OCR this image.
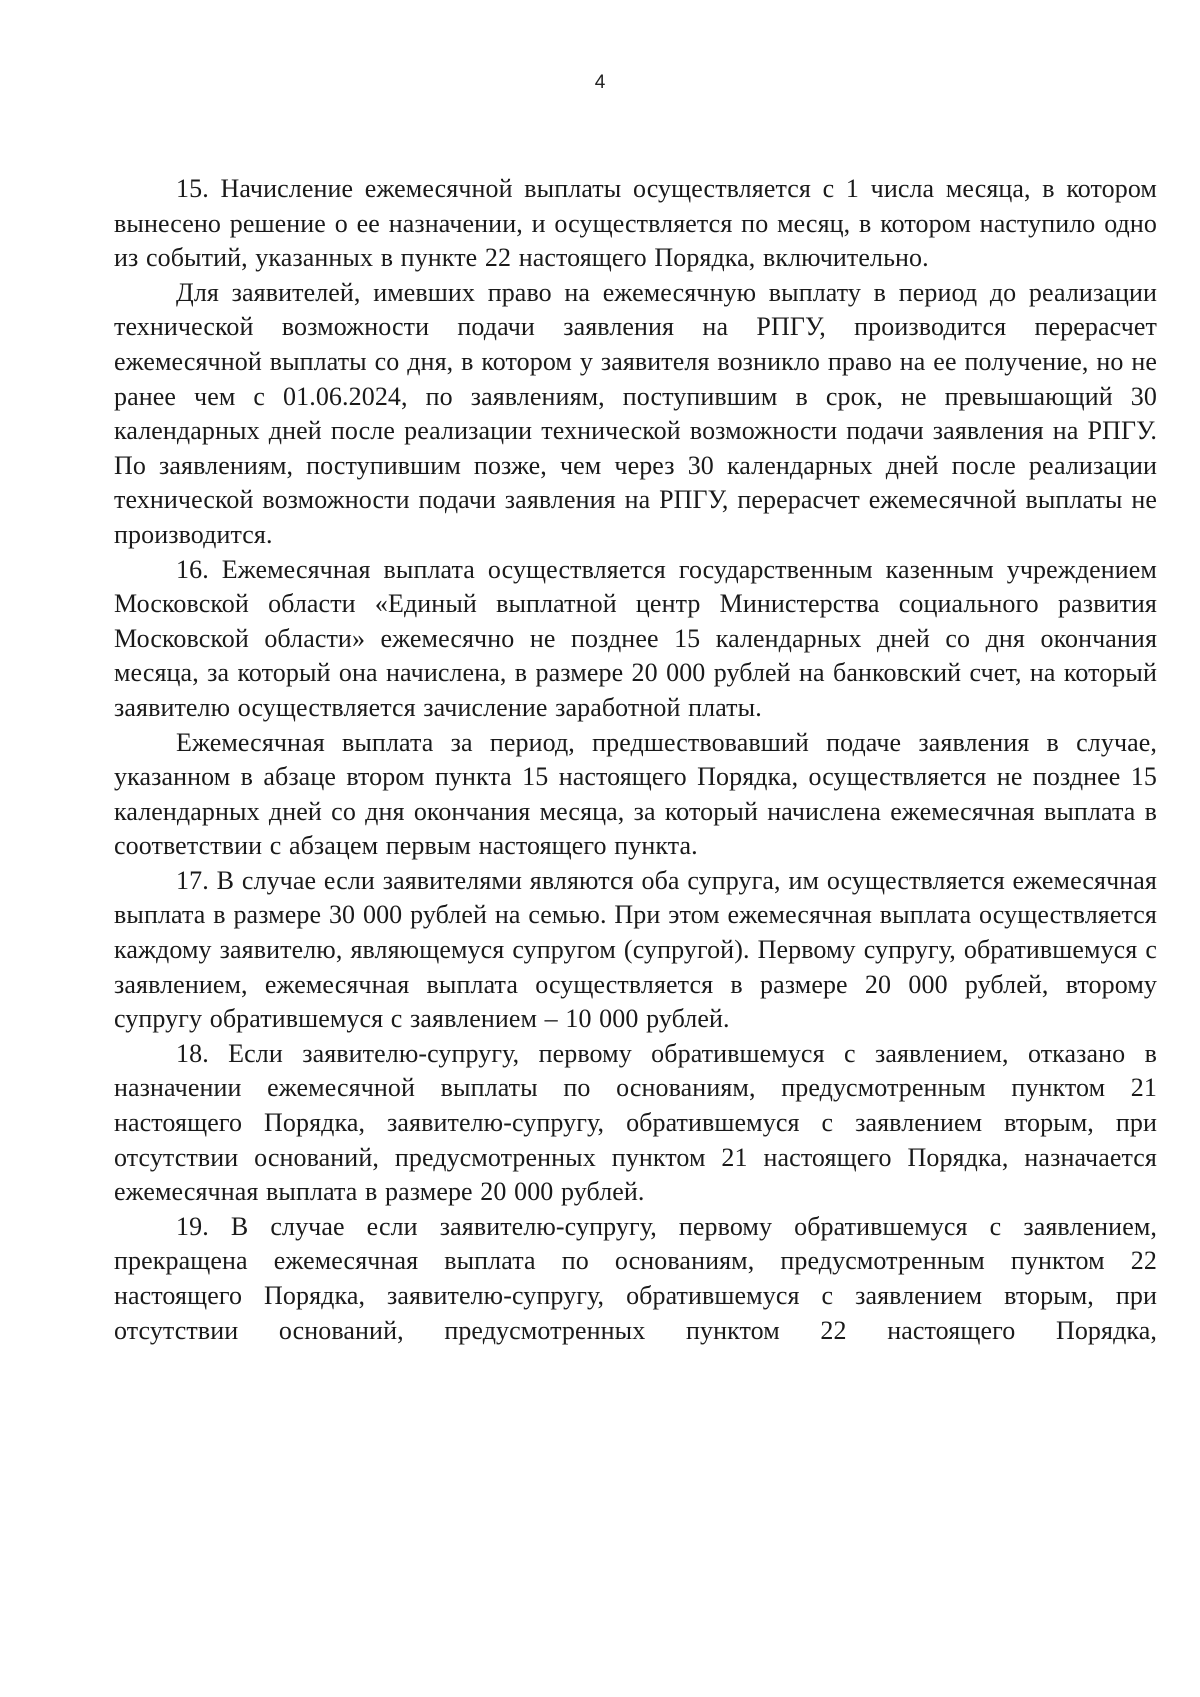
4

15. Начисление ежемесячной выплаты осуществляется с 1 числа месяца, в котором вынесено решение о ее назначении, и осуществляется по месяц, в котором наступило одно из событий, указанных в пункте 22 настоящего Порядка, включительно.

Для заявителей, имевших право на ежемесячную выплату в период до реализации технической возможности подачи заявления на РПГУ, производится перерасчет ежемесячной выплаты со дня, в котором у заявителя возникло право на ее получение, но не ранее чем с 01.06.2024, по заявлениям, поступившим в срок, не превышающий 30 календарных дней после реализации технической возможности подачи заявления на РПГУ. По заявлениям, поступившим позже, чем через 30 календарных дней после реализации технической возможности подачи заявления на РПГУ, перерасчет ежемесячной выплаты не производится.

16. Ежемесячная выплата осуществляется государственным казенным учреждением Московской области «Единый выплатной центр Министерства социального развития Московской области» ежемесячно не позднее 15 календарных дней со дня окончания месяца, за который она начислена, в размере 20 000 рублей на банковский счет, на который заявителю осуществляется зачисление заработной платы.

Ежемесячная выплата за период, предшествовавший подаче заявления в случае, указанном в абзаце втором пункта 15 настоящего Порядка, осуществляется не позднее 15 календарных дней со дня окончания месяца, за который начислена ежемесячная выплата в соответствии с абзацем первым настоящего пункта.

17. В случае если заявителями являются оба супруга, им осуществляется ежемесячная выплата в размере 30 000 рублей на семью. При этом ежемесячная выплата осуществляется каждому заявителю, являющемуся супругом (супругой). Первому супругу, обратившемуся с заявлением, ежемесячная выплата осуществляется в размере 20 000 рублей, второму супругу обратившемуся с заявлением – 10 000 рублей.

18. Если заявителю-супругу, первому обратившемуся с заявлением, отказано в назначении ежемесячной выплаты по основаниям, предусмотренным пунктом 21 настоящего Порядка, заявителю-супругу, обратившемуся с заявлением вторым, при отсутствии оснований, предусмотренных пунктом 21 настоящего Порядка, назначается ежемесячная выплата в размере 20 000 рублей.

19. В случае если заявителю-супругу, первому обратившемуся с заявлением, прекращена ежемесячная выплата по основаниям, предусмотренным пунктом 22 настоящего Порядка, заявителю-супругу, обратившемуся с заявлением вторым, при отсутствии оснований, предусмотренных пунктом 22 настоящего Порядка,
